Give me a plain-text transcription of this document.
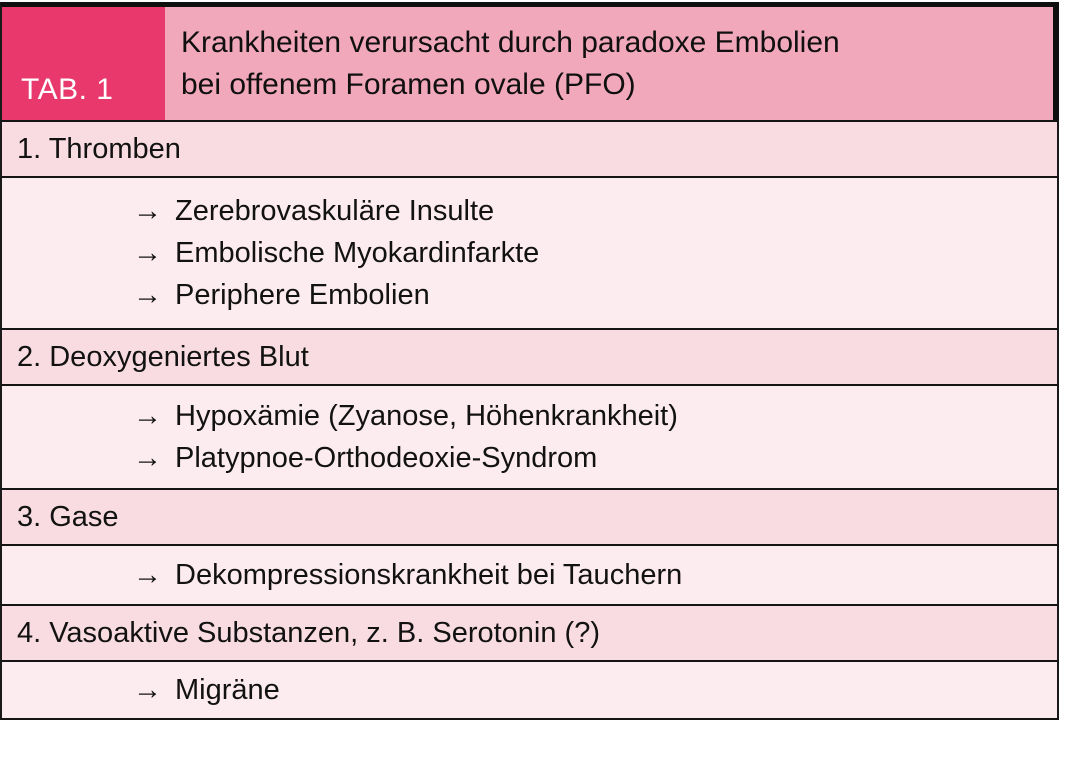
TAB. 1
Krankheiten verursacht durch paradoxe Embolien
bei offenem Foramen ovale (PFO)
1. Thromben
→ Zerebrovaskuläre Insulte
→ Embolische Myokardinfarkte
→ Periphere Embolien
2. Deoxygeniertes Blut
→ Hypoxämie (Zyanose, Höhenkrankheit)
→ Platypnoe-Orthodeoxie-Syndrom
3. Gase
→ Dekompressionskrankheit bei Tauchern
4. Vasoaktive Substanzen, z. B. Serotonin (?)
→ Migräne
